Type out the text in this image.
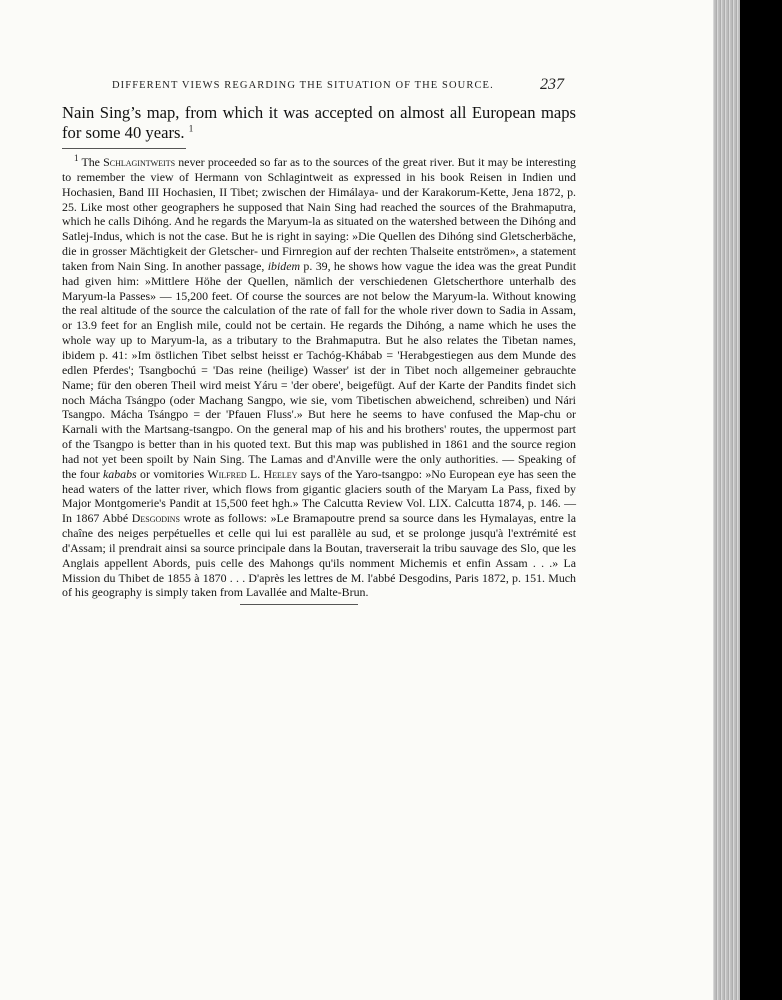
DIFFERENT VIEWS REGARDING THE SITUATION OF THE SOURCE.	237
Nain Sing’s map, from which it was accepted on almost all European maps for some 40 years. $^1$
$^1$ The Schlagintweits never proceeded so far as to the sources of the great river. But it may be interesting to remember the view of Hermann von Schlagintweit as expressed in his book Reisen in Indien und Hochasien, Band III Hochasien, II Tibet; zwischen der Himálaya- und der Karakorum-Kette, Jena 1872, p. 25. Like most other geographers he supposed that Nain Sing had reached the sources of the Brahmaputra, which he calls Dihóng. And he regards the Maryum-la as situated on the watershed between the Dihóng and Satlej-Indus, which is not the case. But he is right in saying: »Die Quellen des Dihóng sind Gletscherbäche, die in grosser Mächtigkeit der Gletscher- und Firnregion auf der rechten Thalseite entströmen», a statement taken from Nain Sing. In another passage, ibidem p. 39, he shows how vague the idea was the great Pundit had given him: »Mittlere Höhe der Quellen, nämlich der verschiedenen Gletscherthore unterhalb des Maryum-la Passes» — 15,200 feet. Of course the sources are not below the Maryum-la. Without knowing the real altitude of the source the calculation of the rate of fall for the whole river down to Sadia in Assam, or 13.9 feet for an English mile, could not be certain. He regards the Dihóng, a name which he uses the whole way up to Maryum-la, as a tributary to the Brahmaputra. But he also relates the Tibetan names, ibidem p. 41: »Im östlichen Tibet selbst heisst er Tachóg-Khábab = 'Herabgestiegen aus dem Munde des edlen Pferdes'; Tsangbochú = 'Das reine (heilige) Wasser' ist der in Tibet noch allgemeiner gebrauchte Name; für den oberen Theil wird meist Yáru = 'der obere', beigefügt. Auf der Karte der Pandits findet sich noch Mácha Tsángpo (oder Machang Sangpo, wie sie, vom Tibetischen abweichend, schreiben) und Nári Tsangpo. Mácha Tsángpo = der 'Pfauen Fluss'.» But here he seems to have confused the Map-chu or Karnali with the Martsang-tsangpo. On the general map of his and his brothers' routes, the uppermost part of the Tsangpo is better than in his quoted text. But this map was published in 1861 and the source region had not yet been spoilt by Nain Sing. The Lamas and d'Anville were the only authorities. — Speaking of the four kababs or vomitories Wilfred L. Heeley says of the Yaro-tsangpo: »No European eye has seen the head waters of the latter river, which flows from gigantic glaciers south of the Maryam La Pass, fixed by Major Montgomerie's Pandit at 15,500 feet hgh.» The Calcutta Review Vol. LIX. Calcutta 1874, p. 146. — In 1867 Abbé Desgodins wrote as follows: »Le Bramapoutre prend sa source dans les Hymalayas, entre la chaîne des neiges perpétuelles et celle qui lui est parallèle au sud, et se prolonge jusqu'à l'extrémité est d'Assam; il prendrait ainsi sa source principale dans la Boutan, traverserait la tribu sauvage des Slo, que les Anglais appellent Abords, puis celle des Mahongs qu'ils nomment Michemis et enfin Assam . . .» La Mission du Thibet de 1855 à 1870 . . . D'après les lettres de M. l'abbé Desgodins, Paris 1872, p. 151. Much of his geography is simply taken from Lavallée and Malte-Brun.
